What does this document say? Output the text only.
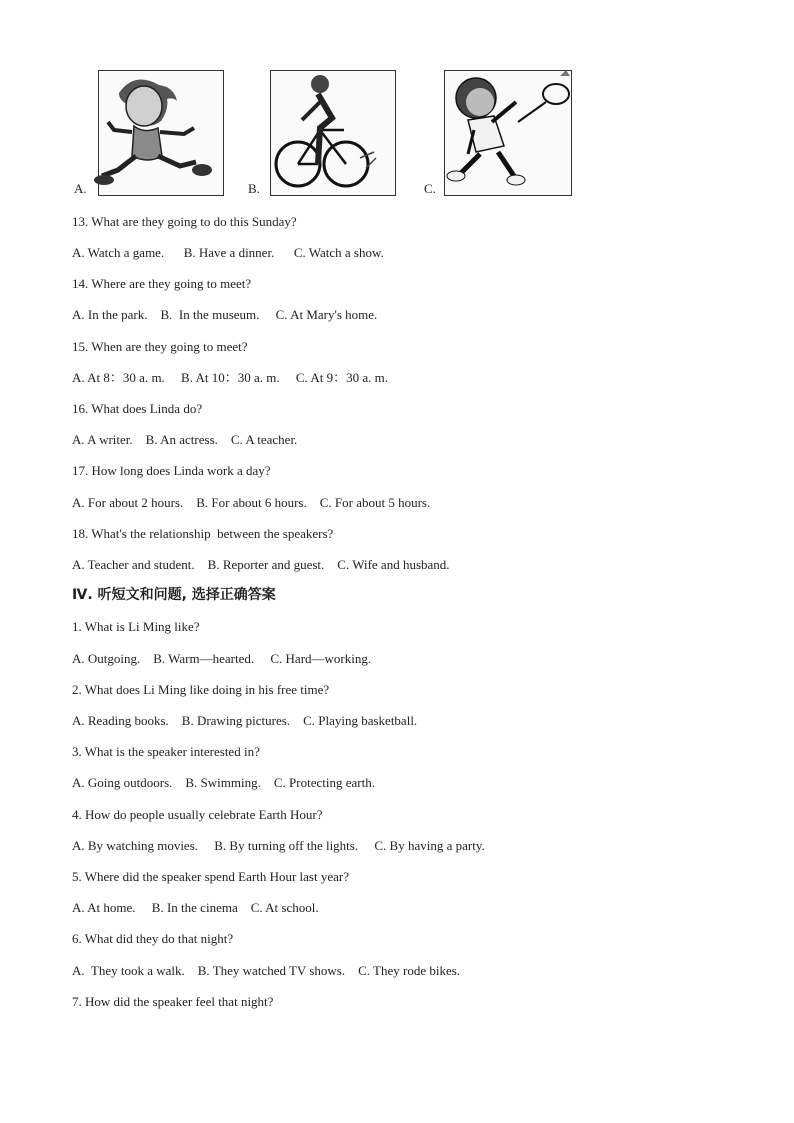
A.	B.	C.
13. What are they going to do this Sunday?
A. Watch a game.      B. Have a dinner.      C. Watch a show.
14. Where are they going to meet?
A. In the park.    B.  In the museum.     C. At Mary's home.
15. When are they going to meet?
A. At 8：30 a. m.     B. At 10：30 a. m.     C. At 9：30 a. m.
16. What does Linda do?
A. A writer.    B. An actress.    C. A teacher.
17. How long does Linda work a day?
A. For about 2 hours.    B. For about 6 hours.    C. For about 5 hours.
18. What's the relationship  between the speakers?
A. Teacher and student.    B. Reporter and guest.    C. Wife and husband.
Ⅳ. 听短文和问题, 选择正确答案
1. What is Li Ming like?
A. Outgoing.    B. Warm—hearted.     C. Hard—working.
2. What does Li Ming like doing in his free time?
A. Reading books.    B. Drawing pictures.    C. Playing basketball.
3. What is the speaker interested in?
A. Going outdoors.    B. Swimming.    C. Protecting earth.
4. How do people usually celebrate Earth Hour?
A. By watching movies.     B. By turning off the lights.     C. By having a party.
5. Where did the speaker spend Earth Hour last year?
A. At home.     B. In the cinema    C. At school.
6. What did they do that night?
A.  They took a walk.    B. They watched TV shows.    C. They rode bikes.
7. How did the speaker feel that night?
